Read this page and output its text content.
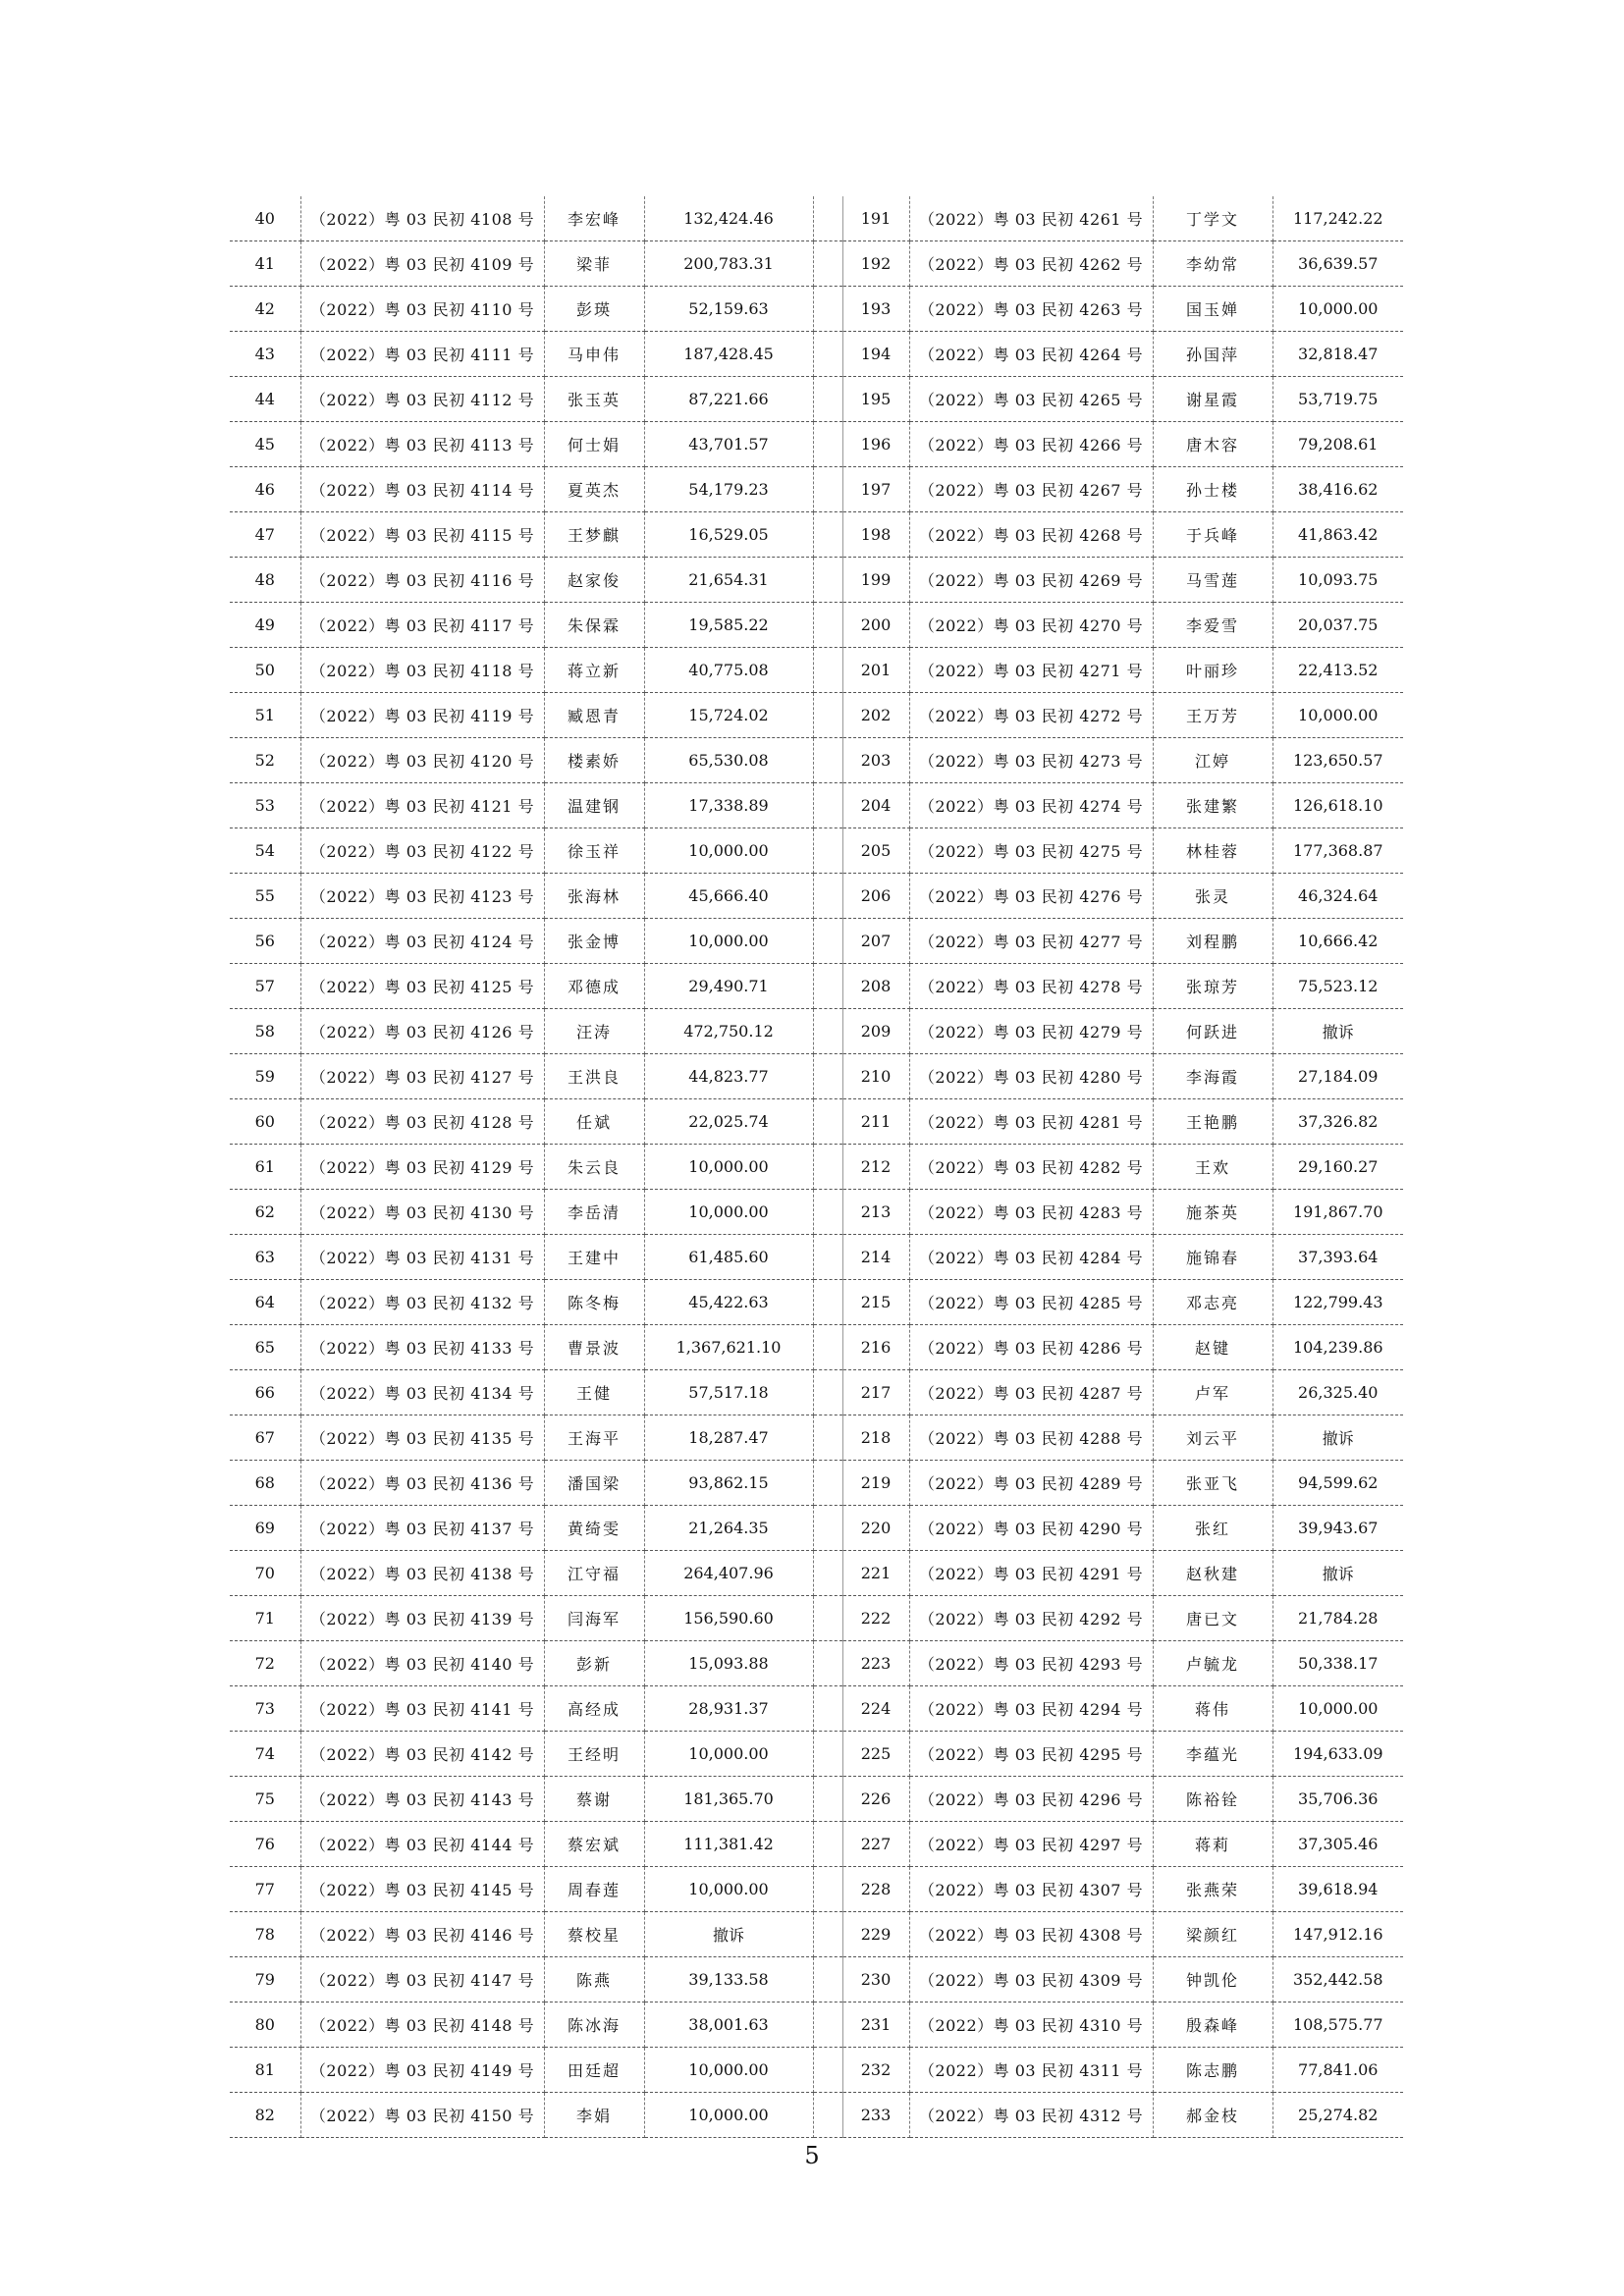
40	（2022）粤 03 民初 4108 号	李宏峰	132,424.46		191	（2022）粤 03 民初 4261 号	丁学文	117,242.22
41	（2022）粤 03 民初 4109 号	梁菲	200,783.31		192	（2022）粤 03 民初 4262 号	李幼常	36,639.57
42	（2022）粤 03 民初 4110 号	彭瑛	52,159.63		193	（2022）粤 03 民初 4263 号	国玉婵	10,000.00
43	（2022）粤 03 民初 4111 号	马申伟	187,428.45		194	（2022）粤 03 民初 4264 号	孙国萍	32,818.47
44	（2022）粤 03 民初 4112 号	张玉英	87,221.66		195	（2022）粤 03 民初 4265 号	谢星霞	53,719.75
45	（2022）粤 03 民初 4113 号	何士娟	43,701.57		196	（2022）粤 03 民初 4266 号	唐木容	79,208.61
46	（2022）粤 03 民初 4114 号	夏英杰	54,179.23		197	（2022）粤 03 民初 4267 号	孙士楼	38,416.62
47	（2022）粤 03 民初 4115 号	王梦麒	16,529.05		198	（2022）粤 03 民初 4268 号	于兵峰	41,863.42
48	（2022）粤 03 民初 4116 号	赵家俊	21,654.31		199	（2022）粤 03 民初 4269 号	马雪莲	10,093.75
49	（2022）粤 03 民初 4117 号	朱保霖	19,585.22		200	（2022）粤 03 民初 4270 号	李爱雪	20,037.75
50	（2022）粤 03 民初 4118 号	蒋立新	40,775.08		201	（2022）粤 03 民初 4271 号	叶丽珍	22,413.52
51	（2022）粤 03 民初 4119 号	臧恩青	15,724.02		202	（2022）粤 03 民初 4272 号	王万芳	10,000.00
52	（2022）粤 03 民初 4120 号	楼素娇	65,530.08		203	（2022）粤 03 民初 4273 号	江婷	123,650.57
53	（2022）粤 03 民初 4121 号	温建钢	17,338.89		204	（2022）粤 03 民初 4274 号	张建繁	126,618.10
54	（2022）粤 03 民初 4122 号	徐玉祥	10,000.00		205	（2022）粤 03 民初 4275 号	林桂蓉	177,368.87
55	（2022）粤 03 民初 4123 号	张海林	45,666.40		206	（2022）粤 03 民初 4276 号	张灵	46,324.64
56	（2022）粤 03 民初 4124 号	张金博	10,000.00		207	（2022）粤 03 民初 4277 号	刘程鹏	10,666.42
57	（2022）粤 03 民初 4125 号	邓德成	29,490.71		208	（2022）粤 03 民初 4278 号	张琼芳	75,523.12
58	（2022）粤 03 民初 4126 号	汪涛	472,750.12		209	（2022）粤 03 民初 4279 号	何跃进	撤诉
59	（2022）粤 03 民初 4127 号	王洪良	44,823.77		210	（2022）粤 03 民初 4280 号	李海霞	27,184.09
60	（2022）粤 03 民初 4128 号	任斌	22,025.74		211	（2022）粤 03 民初 4281 号	王艳鹏	37,326.82
61	（2022）粤 03 民初 4129 号	朱云良	10,000.00		212	（2022）粤 03 民初 4282 号	王欢	29,160.27
62	（2022）粤 03 民初 4130 号	李岳清	10,000.00		213	（2022）粤 03 民初 4283 号	施茶英	191,867.70
63	（2022）粤 03 民初 4131 号	王建中	61,485.60		214	（2022）粤 03 民初 4284 号	施锦春	37,393.64
64	（2022）粤 03 民初 4132 号	陈冬梅	45,422.63		215	（2022）粤 03 民初 4285 号	邓志亮	122,799.43
65	（2022）粤 03 民初 4133 号	曹景波	1,367,621.10		216	（2022）粤 03 民初 4286 号	赵键	104,239.86
66	（2022）粤 03 民初 4134 号	王健	57,517.18		217	（2022）粤 03 民初 4287 号	卢军	26,325.40
67	（2022）粤 03 民初 4135 号	王海平	18,287.47		218	（2022）粤 03 民初 4288 号	刘云平	撤诉
68	（2022）粤 03 民初 4136 号	潘国梁	93,862.15		219	（2022）粤 03 民初 4289 号	张亚飞	94,599.62
69	（2022）粤 03 民初 4137 号	黄绮雯	21,264.35		220	（2022）粤 03 民初 4290 号	张红	39,943.67
70	（2022）粤 03 民初 4138 号	江守福	264,407.96		221	（2022）粤 03 民初 4291 号	赵秋建	撤诉
71	（2022）粤 03 民初 4139 号	闫海军	156,590.60		222	（2022）粤 03 民初 4292 号	唐已文	21,784.28
72	（2022）粤 03 民初 4140 号	彭新	15,093.88		223	（2022）粤 03 民初 4293 号	卢毓龙	50,338.17
73	（2022）粤 03 民初 4141 号	高经成	28,931.37		224	（2022）粤 03 民初 4294 号	蒋伟	10,000.00
74	（2022）粤 03 民初 4142 号	王经明	10,000.00		225	（2022）粤 03 民初 4295 号	李蕴光	194,633.09
75	（2022）粤 03 民初 4143 号	蔡谢	181,365.70		226	（2022）粤 03 民初 4296 号	陈裕铨	35,706.36
76	（2022）粤 03 民初 4144 号	蔡宏斌	111,381.42		227	（2022）粤 03 民初 4297 号	蒋莉	37,305.46
77	（2022）粤 03 民初 4145 号	周春莲	10,000.00		228	（2022）粤 03 民初 4307 号	张燕荣	39,618.94
78	（2022）粤 03 民初 4146 号	蔡校星	撤诉		229	（2022）粤 03 民初 4308 号	梁颜红	147,912.16
79	（2022）粤 03 民初 4147 号	陈燕	39,133.58		230	（2022）粤 03 民初 4309 号	钟凯伦	352,442.58
80	（2022）粤 03 民初 4148 号	陈冰海	38,001.63		231	（2022）粤 03 民初 4310 号	殷森峰	108,575.77
81	（2022）粤 03 民初 4149 号	田廷超	10,000.00		232	（2022）粤 03 民初 4311 号	陈志鹏	77,841.06
82	（2022）粤 03 民初 4150 号	李娟	10,000.00		233	（2022）粤 03 民初 4312 号	郝金枝	25,274.82
5
